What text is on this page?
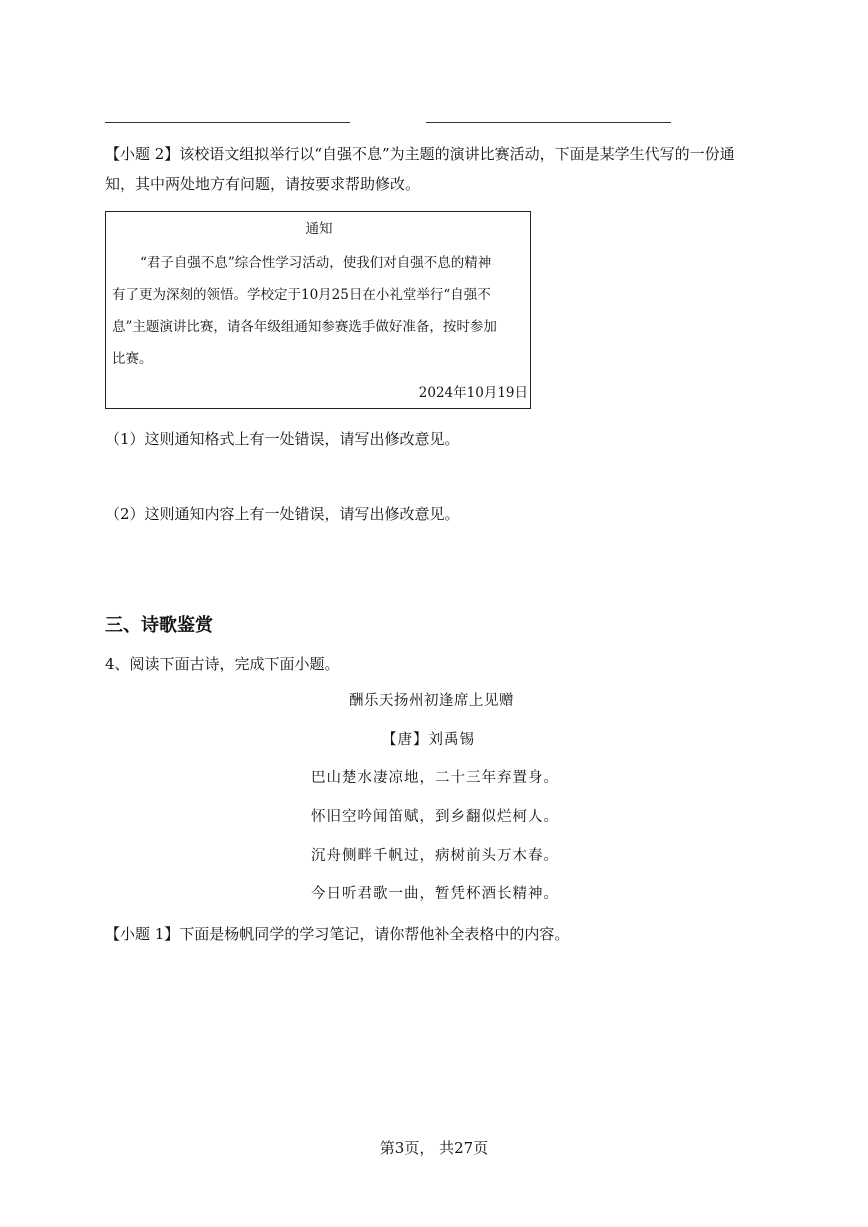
【小题 2】该校语文组拟举行以“自强不息”为主题的演讲比赛活动，下面是某学生代写的一份通
知，其中两处地方有问题，请按要求帮助修改。
通知
“君子自强不息”综合性学习活动，使我们对自强不息的精神
有了更为深刻的领悟。学校定于10月25日在小礼堂举行“自强不
息”主题演讲比赛，请各年级组通知参赛选手做好准备，按时参加
比赛。
2024年10月19日
（1）这则通知格式上有一处错误，请写出修改意见。
（2）这则通知内容上有一处错误，请写出修改意见。
三、诗歌鉴赏
4、阅读下面古诗，完成下面小题。
酬乐天扬州初逢席上见赠
【唐】刘禹锡
巴山楚水凄凉地，二十三年弃置身。
怀旧空吟闻笛赋，到乡翻似烂柯人。
沉舟侧畔千帆过，病树前头万木春。
今日听君歌一曲，暂凭杯酒长精神。
【小题 1】下面是杨帆同学的学习笔记，请你帮他补全表格中的内容。
第3页， 共27页
